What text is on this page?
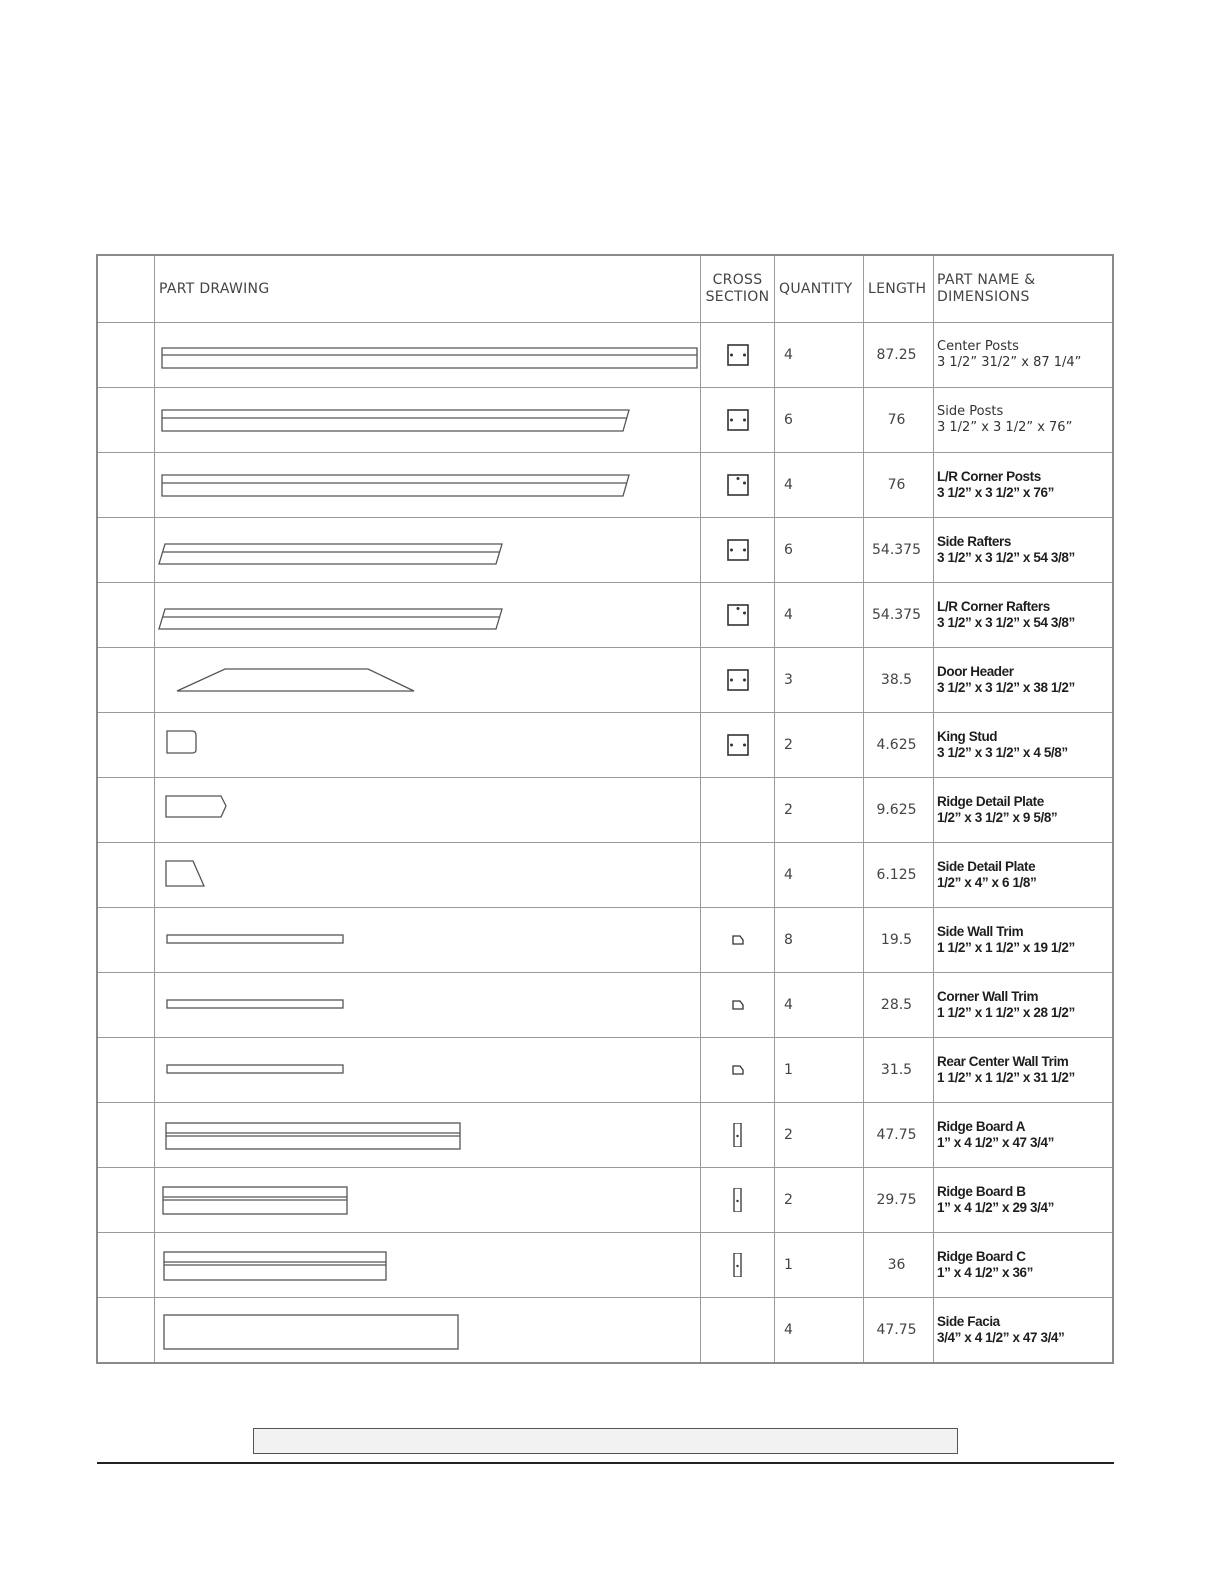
PART DRAWING
CROSS
SECTION
QUANTITY LENGTH
PART NAME &
DIMENSIONS
4	87.25
Center Posts
3 1/2” 31/2” x 87 1/4”
6	76
Side Posts
3 1/2” x 3 1/2” x 76”
4	76
L/R Corner Posts
3 1/2” x 3 1/2” x 76”
6	54.375
Side Rafters
3 1/2” x 3 1/2” x 54 3/8”
4	54.375
L/R Corner Rafters
3 1/2” x 3 1/2” x 54 3/8”
3	38.5
Door Header
3 1/2” x 3 1/2” x 38 1/2”
2	4.625
King Stud
3 1/2” x 3 1/2” x 4 5/8”
2	9.625
Ridge Detail Plate
1/2” x 3 1/2” x 9 5/8”
4	6.125
Side Detail Plate
1/2” x 4” x 6 1/8”
8	19.5
Side Wall Trim
1 1/2” x 1 1/2” x 19 1/2”
4	28.5
Corner Wall Trim
1 1/2” x 1 1/2” x 28 1/2”
1	31.5
Rear Center Wall Trim
1 1/2” x 1 1/2” x 31 1/2”
2	47.75
Ridge Board A
1” x 4 1/2” x 47 3/4”
2	29.75
Ridge Board B
1” x 4 1/2” x 29 3/4”
1	36
Ridge Board C
1” x 4 1/2” x 36”
4	47.75
Side Facia
3/4” x 4 1/2” x 47 3/4”
